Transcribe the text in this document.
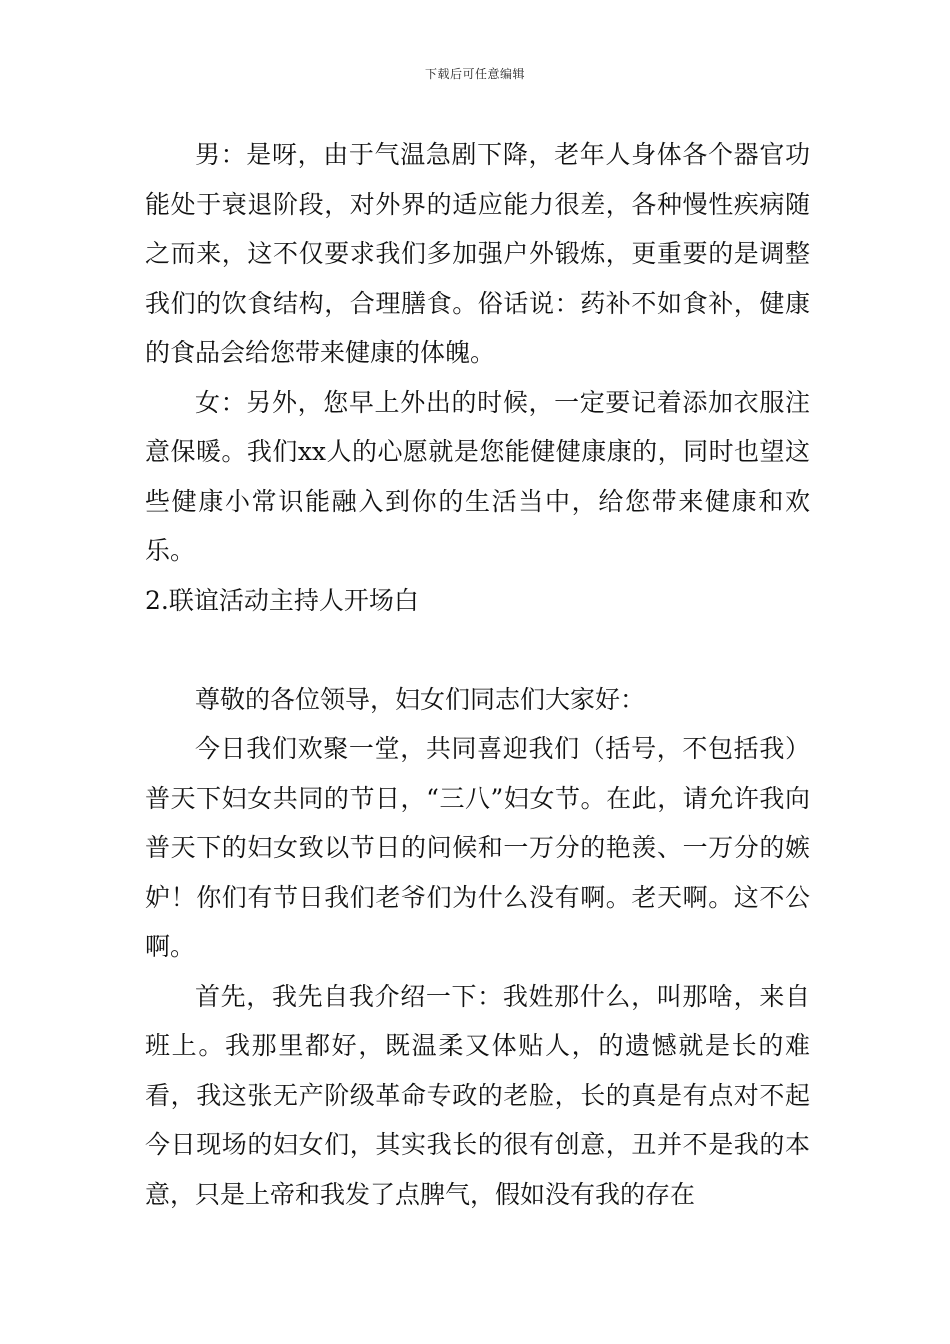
下载后可任意编辑

男：是呀，由于气温急剧下降，老年人身体各个器官功能处于衰退阶段，对外界的适应能力很差，各种慢性疾病随之而来，这不仅要求我们多加强户外锻炼，更重要的是调整我们的饮食结构，合理膳食。俗话说：药补不如食补，健康的食品会给您带来健康的体魄。

女：另外，您早上外出的时候，一定要记着添加衣服注意保暖。我们xx人的心愿就是您能健健康康的，同时也望这些健康小常识能融入到你的生活当中，给您带来健康和欢乐。

2.联谊活动主持人开场白

尊敬的各位领导，妇女们同志们大家好：

今日我们欢聚一堂，共同喜迎我们（括号，不包括我）普天下妇女共同的节日，“三八”妇女节。在此，请允许我向普天下的妇女致以节日的问候和一万分的艳羡、一万分的嫉妒！你们有节日我们老爷们为什么没有啊。老天啊。这不公啊。

首先，我先自我介绍一下：我姓那什么，叫那啥，来自班上。我那里都好，既温柔又体贴人，的遗憾就是长的难看，我这张无产阶级革命专政的老脸，长的真是有点对不起今日现场的妇女们，其实我长的很有创意，丑并不是我的本意，只是上帝和我发了点脾气，假如没有我的存在
